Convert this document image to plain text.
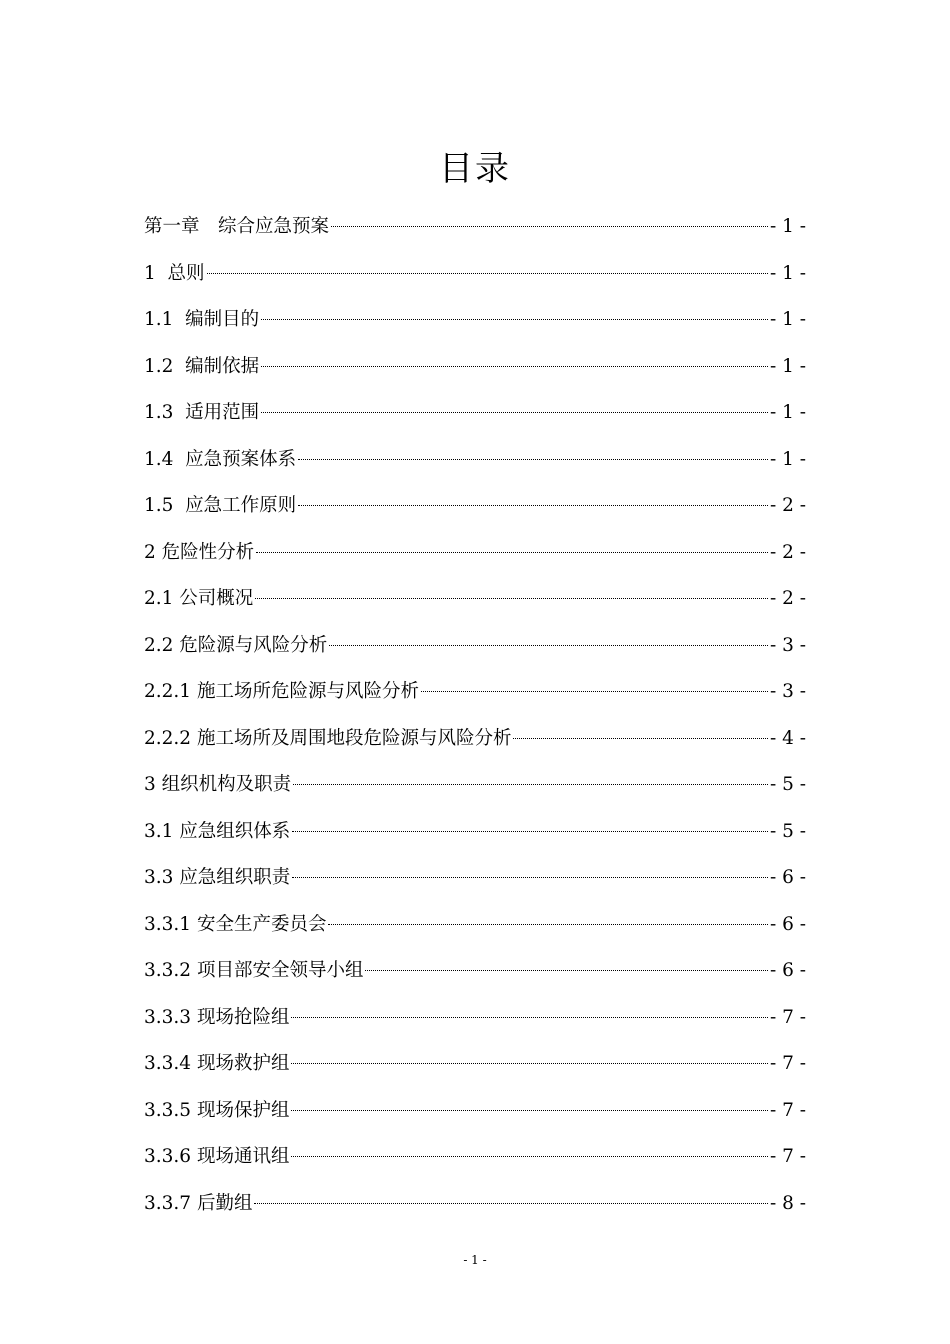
目录
第一章　综合应急预案	- 1 -
1  总则	- 1 -
1.1  编制目的	- 1 -
1.2  编制依据	- 1 -
1.3  适用范围	- 1 -
1.4  应急预案体系	- 1 -
1.5  应急工作原则	- 2 -
2 危险性分析	- 2 -
2.1 公司概况	- 2 -
2.2 危险源与风险分析	- 3 -
2.2.1 施工场所危险源与风险分析	- 3 -
2.2.2 施工场所及周围地段危险源与风险分析	- 4 -
3 组织机构及职责	- 5 -
3.1 应急组织体系	- 5 -
3.3 应急组织职责	- 6 -
3.3.1 安全生产委员会	- 6 -
3.3.2 项目部安全领导小组	- 6 -
3.3.3 现场抢险组	- 7 -
3.3.4 现场救护组	- 7 -
3.3.5 现场保护组	- 7 -
3.3.6 现场通讯组	- 7 -
3.3.7 后勤组	- 8 -
- 1 -
